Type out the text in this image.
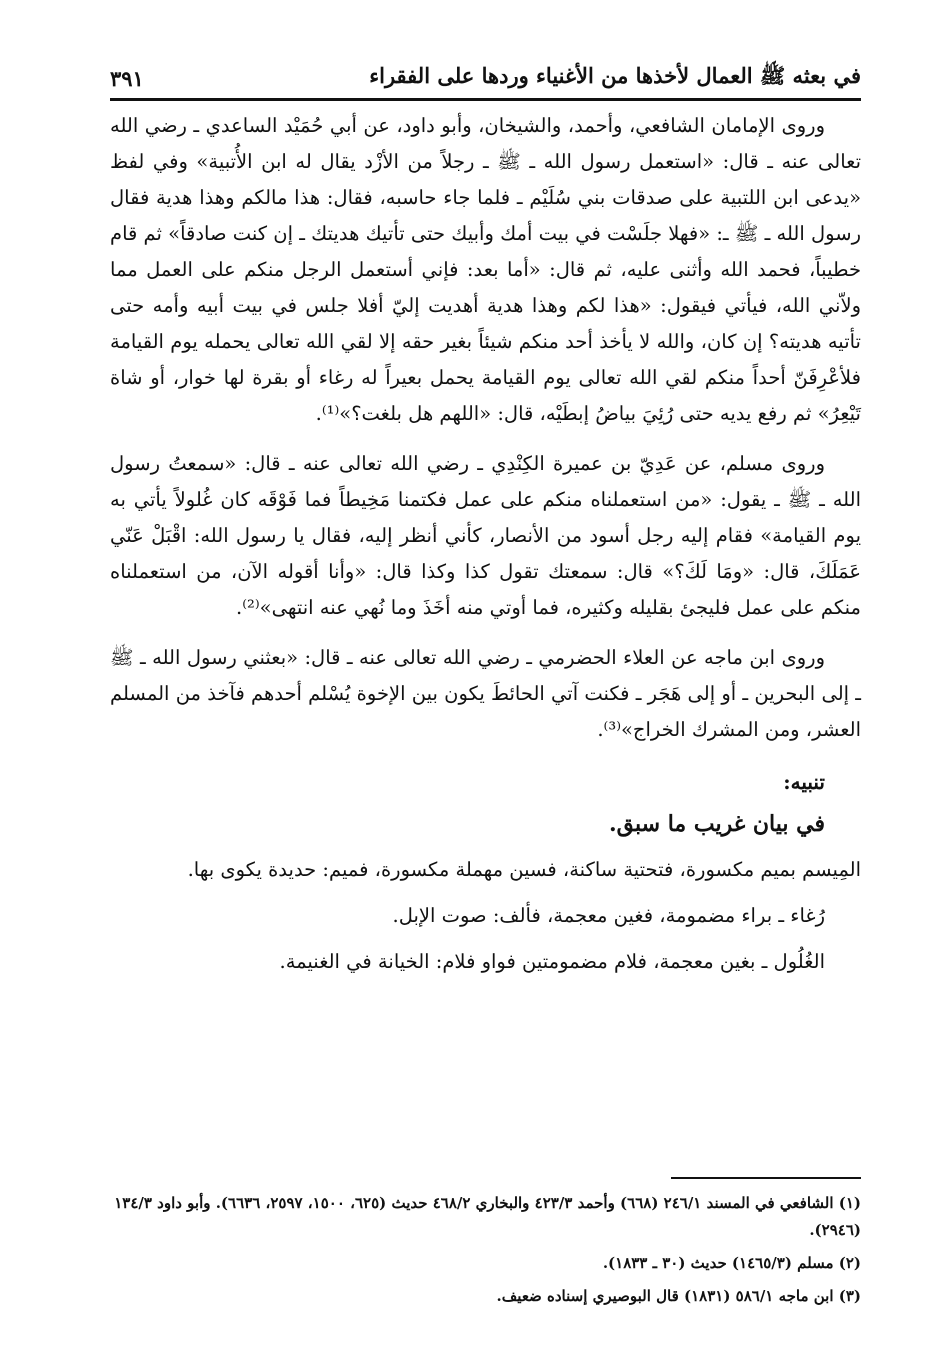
في بعثه ﷺ العمال لأخذها من الأغنياء وردها على الفقراء
٣٩١

وروى الإمامان الشافعي، وأحمد، والشيخان، وأبو داود، عن أبي حُمَيْد الساعدي ـ رضي الله تعالى عنه ـ قال: «استعمل رسول الله ـ ﷺ ـ رجلاً من الأزْد يقال له ابن الأُتبية» وفي لفظ «يدعى ابن اللتبية على صدقات بني سُلَيْم ـ فلما جاء حاسبه، فقال: هذا مالكم وهذا هدية فقال رسول الله ـ ﷺ ـ: «فهلا جلَسْت في بيت أمك وأبيك حتى تأتيك هديتك ـ إن كنت صادقاً» ثم قام خطيباً، فحمد الله وأثنى عليه، ثم قال: «أما بعد: فإني أستعمل الرجل منكم على العمل مما ولاّني الله، فيأتي فيقول: «هذا لكم وهذا هدية أهديت إليّ أفلا جلس في بيت أبيه وأمه حتى تأتيه هديته؟ إن كان، والله لا يأخذ أحد منكم شيئاً بغير حقه إلا لقي الله تعالى يحمله يوم القيامة فلأعْرِفَنّ أحداً منكم لقي الله تعالى يوم القيامة يحمل بعيراً له رغاء أو بقرة لها خوار، أو شاة تَيْعِرُ» ثم رفع يديه حتى رُئِيَ بياضُ إبطَيْه، قال: «اللهم هل بلغت؟»⁽¹⁾.

وروى مسلم، عن عَدِيّ بن عميرة الكِنْدِي ـ رضي الله تعالى عنه ـ قال: «سمعتُ رسول الله ـ ﷺ ـ يقول: «من استعملناه منكم على عمل فكتمنا مَخِيطاً فما فَوْقَه كان غُلولاً يأتي به يوم القيامة» فقام إليه رجل أسود من الأنصار، كأني أنظر إليه، فقال يا رسول الله: اقْبَلْ عَنّي عَمَلَكَ، قال: «ومَا لَكَ؟» قال: سمعتك تقول كذا وكذا قال: «وأنا أقوله الآن، من استعملناه منكم على عمل فليجئ بقليله وكثيره، فما أوتي منه أخَذَ وما نُهي عنه انتهى»⁽²⁾.

وروى ابن ماجه عن العلاء الحضرمي ـ رضي الله تعالى عنه ـ قال: «بعثني رسول الله ـ ﷺ ـ إلى البحرين ـ أو إلى هَجَر ـ فكنت آتي الحائطَ يكون بين الإخوة يُسْلم أحدهم فآخذ من المسلم العشر، ومن المشرك الخراج»⁽³⁾.

تنبيه:
في بيان غريب ما سبق.

المِيسم بميم مكسورة، فتحتية ساكنة، فسين مهملة مكسورة، فميم: حديدة يكوى بها.

رُغاء ـ براء مضمومة، فغين معجمة، فألف: صوت الإبل.

الغُلُول ـ بغين معجمة، فلام مضمومتين فواو فلام: الخيانة في الغنيمة.

(١) الشافعي في المسند ٢٤٦/١ (٦٦٨) وأحمد ٤٢٣/٣ والبخاري ٤٦٨/٢ حديث (٦٢٥، ١٥٠٠، ٢٥٩٧، ٦٦٣٦). وأبو داود ١٣٤/٣ (٢٩٤٦).

(٢) مسلم (١٤٦٥/٣) حديث (٣٠ ـ ١٨٣٣).

(٣) ابن ماجه ٥٨٦/١ (١٨٣١) قال البوصيري إسناده ضعيف.
